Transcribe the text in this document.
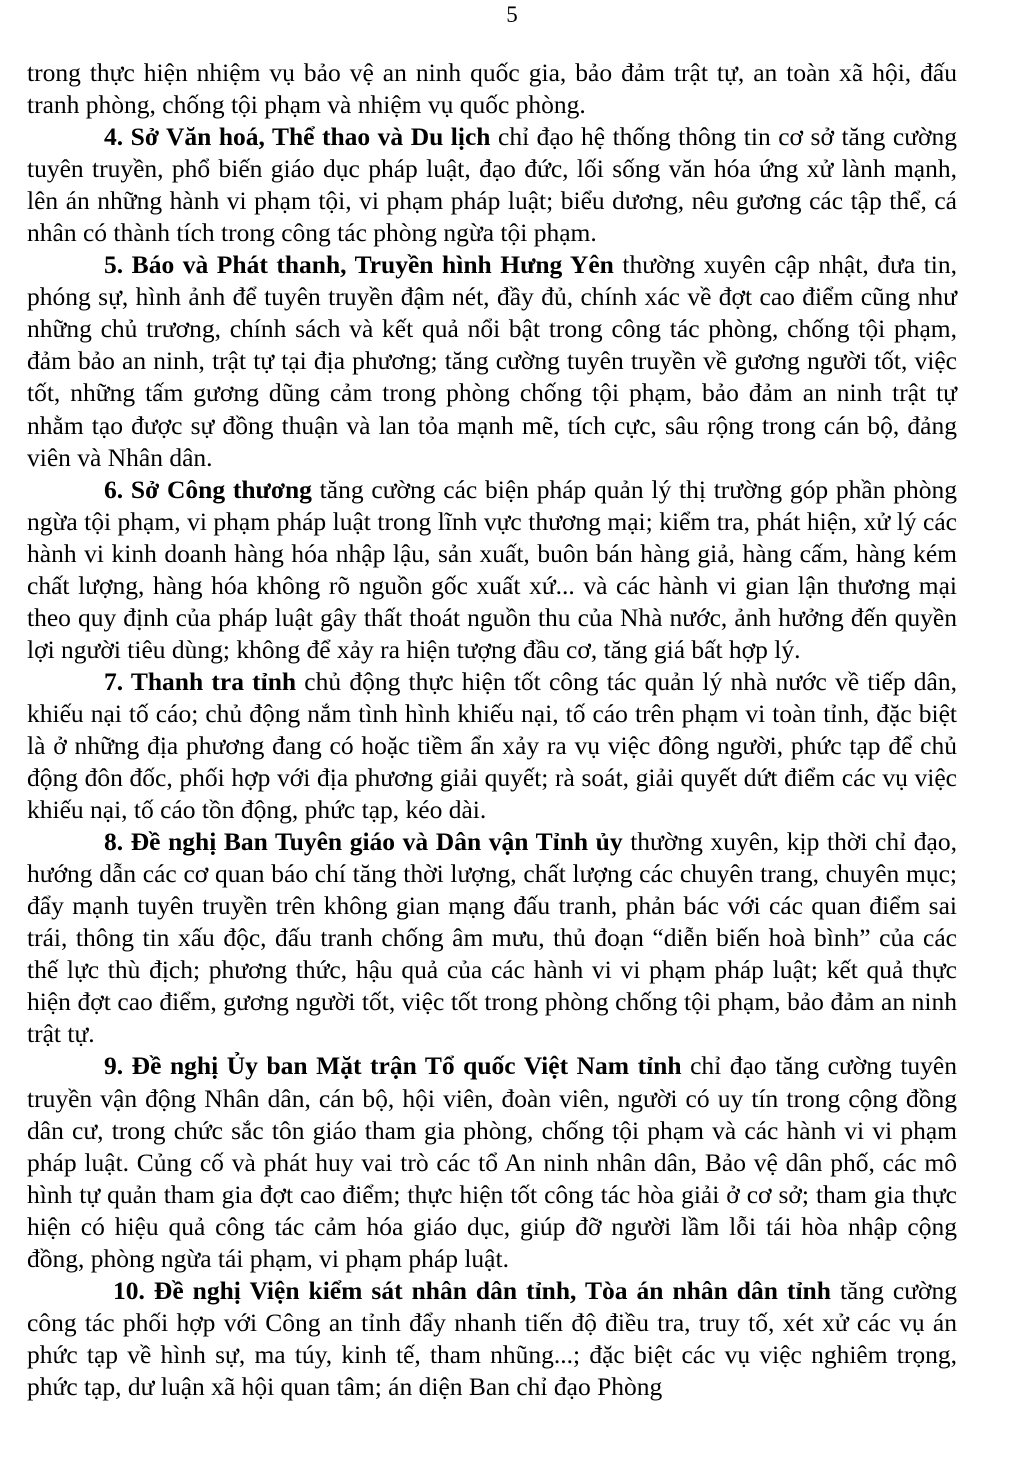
5

trong thực hiện nhiệm vụ bảo vệ an ninh quốc gia, bảo đảm trật tự, an toàn xã hội, đấu tranh phòng, chống tội phạm và nhiệm vụ quốc phòng.

4. Sở Văn hoá, Thể thao và Du lịch chỉ đạo hệ thống thông tin cơ sở tăng cường tuyên truyền, phổ biến giáo dục pháp luật, đạo đức, lối sống văn hóa ứng xử lành mạnh, lên án những hành vi phạm tội, vi phạm pháp luật; biểu dương, nêu gương các tập thể, cá nhân có thành tích trong công tác phòng ngừa tội phạm.

5. Báo và Phát thanh, Truyền hình Hưng Yên thường xuyên cập nhật, đưa tin, phóng sự, hình ảnh để tuyên truyền đậm nét, đầy đủ, chính xác về đợt cao điểm cũng như những chủ trương, chính sách và kết quả nổi bật trong công tác phòng, chống tội phạm, đảm bảo an ninh, trật tự tại địa phương; tăng cường tuyên truyền về gương người tốt, việc tốt, những tấm gương dũng cảm trong phòng chống tội phạm, bảo đảm an ninh trật tự nhằm tạo được sự đồng thuận và lan tỏa mạnh mẽ, tích cực, sâu rộng trong cán bộ, đảng viên và Nhân dân.

6. Sở Công thương tăng cường các biện pháp quản lý thị trường góp phần phòng ngừa tội phạm, vi phạm pháp luật trong lĩnh vực thương mại; kiểm tra, phát hiện, xử lý các hành vi kinh doanh hàng hóa nhập lậu, sản xuất, buôn bán hàng giả, hàng cấm, hàng kém chất lượng, hàng hóa không rõ nguồn gốc xuất xứ... và các hành vi gian lận thương mại theo quy định của pháp luật gây thất thoát nguồn thu của Nhà nước, ảnh hưởng đến quyền lợi người tiêu dùng; không để xảy ra hiện tượng đầu cơ, tăng giá bất hợp lý.

7. Thanh tra tỉnh chủ động thực hiện tốt công tác quản lý nhà nước về tiếp dân, khiếu nại tố cáo; chủ động nắm tình hình khiếu nại, tố cáo trên phạm vi toàn tỉnh, đặc biệt là ở những địa phương đang có hoặc tiềm ẩn xảy ra vụ việc đông người, phức tạp để chủ động đôn đốc, phối hợp với địa phương giải quyết; rà soát, giải quyết dứt điểm các vụ việc khiếu nại, tố cáo tồn động, phức tạp, kéo dài.

8. Đề nghị Ban Tuyên giáo và Dân vận Tỉnh ủy thường xuyên, kịp thời chỉ đạo, hướng dẫn các cơ quan báo chí tăng thời lượng, chất lượng các chuyên trang, chuyên mục; đẩy mạnh tuyên truyền trên không gian mạng đấu tranh, phản bác với các quan điểm sai trái, thông tin xấu độc, đấu tranh chống âm mưu, thủ đoạn “diễn biến hoà bình” của các thế lực thù địch; phương thức, hậu quả của các hành vi vi phạm pháp luật; kết quả thực hiện đợt cao điểm, gương người tốt, việc tốt trong phòng chống tội phạm, bảo đảm an ninh trật tự.

9. Đề nghị Ủy ban Mặt trận Tổ quốc Việt Nam tỉnh chỉ đạo tăng cường tuyên truyền vận động Nhân dân, cán bộ, hội viên, đoàn viên, người có uy tín trong cộng đồng dân cư, trong chức sắc tôn giáo tham gia phòng, chống tội phạm và các hành vi vi phạm pháp luật. Củng cố và phát huy vai trò các tổ An ninh nhân dân, Bảo vệ dân phố, các mô hình tự quản tham gia đợt cao điểm; thực hiện tốt công tác hòa giải ở cơ sở; tham gia thực hiện có hiệu quả công tác cảm hóa giáo dục, giúp đỡ người lầm lỗi tái hòa nhập cộng đồng, phòng ngừa tái phạm, vi phạm pháp luật.

10. Đề nghị Viện kiểm sát nhân dân tỉnh, Tòa án nhân dân tỉnh tăng cường công tác phối hợp với Công an tỉnh đẩy nhanh tiến độ điều tra, truy tố, xét xử các vụ án phức tạp về hình sự, ma túy, kinh tế, tham nhũng...; đặc biệt các vụ việc nghiêm trọng, phức tạp, dư luận xã hội quan tâm; án diện Ban chỉ đạo Phòng
